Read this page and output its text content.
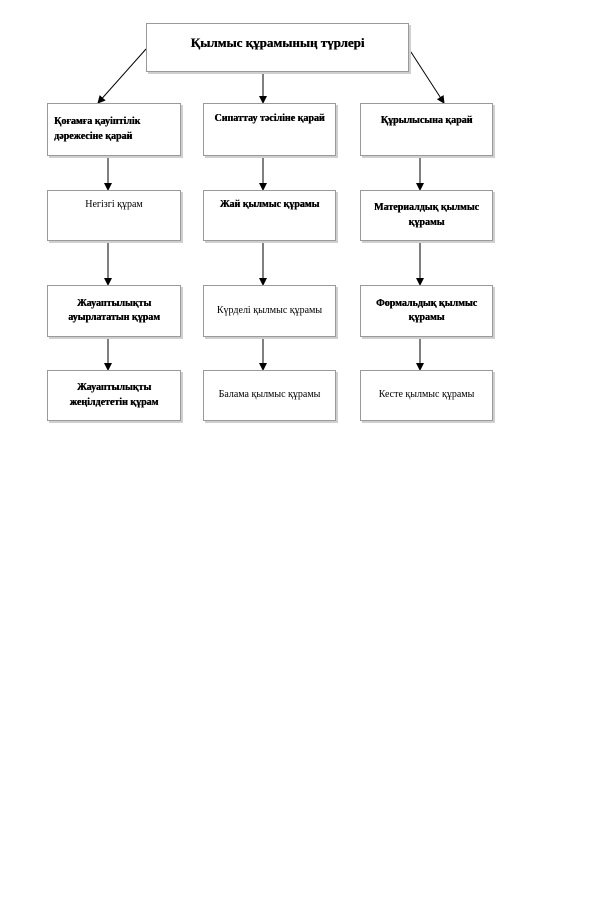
Қылмыс құрамының түрлері
Қоғамға қауіптілік дәрежесіне қарай
Сипаттау тәсіліне қарай	Құрылысына қарай
Негізгі құрам
Жауаптылықты ауырлататын құрам
Жауаптылықты жеңілдететін құрам
Жай қылмыс құрамы
Күрделі қылмыс құрамы
Балама қылмыс құрамы
Материалдық қылмыс құрамы
Формальдық қылмыс құрамы
Кесте қылмыс құрамы
